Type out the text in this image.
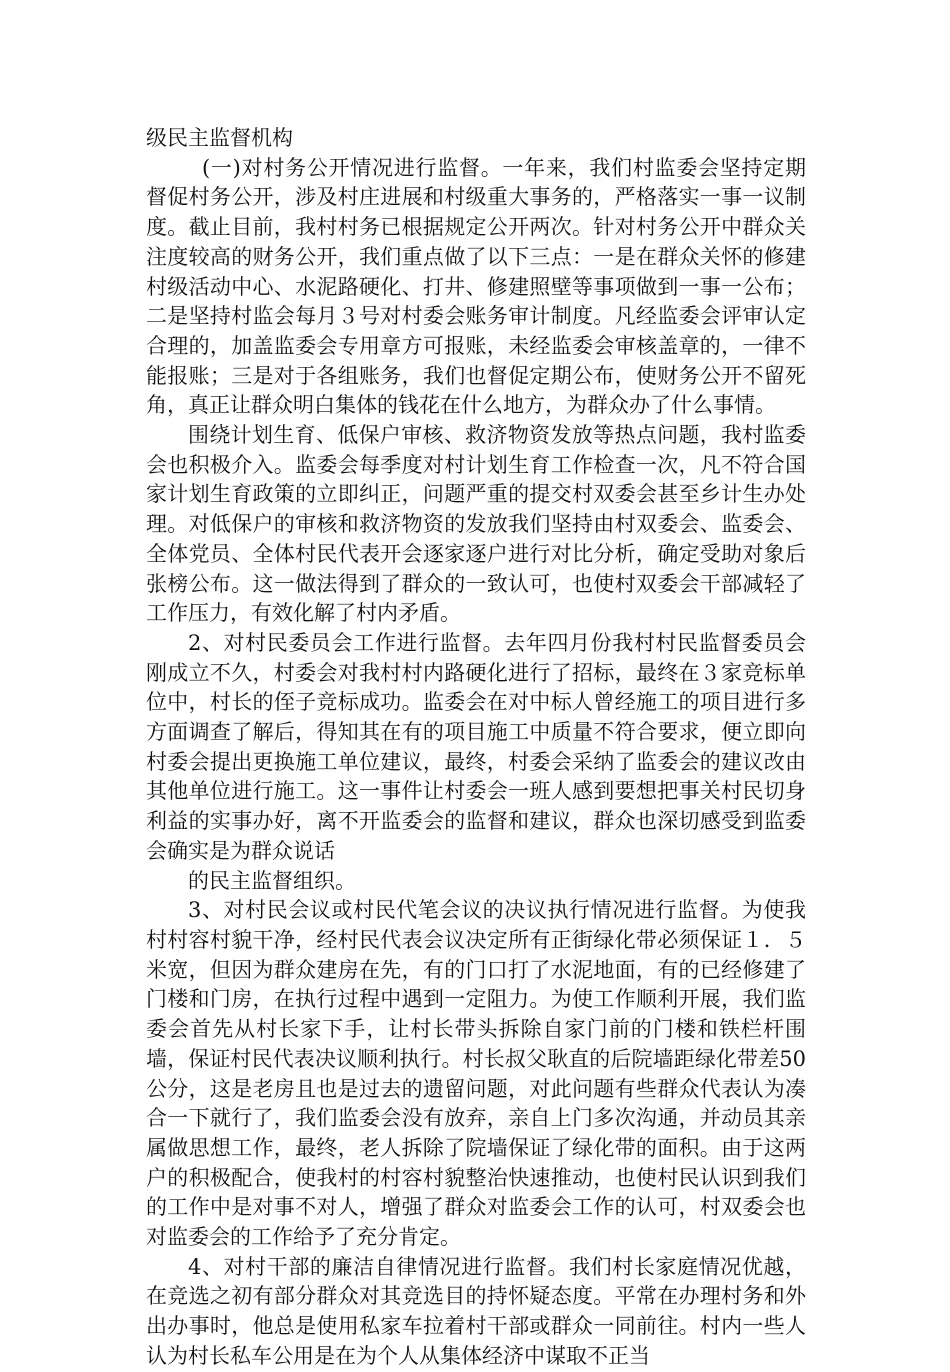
级民主监督机构

(一)对村务公开情况进行监督。一年来，我们村监委会坚持定期督促村务公开，涉及村庄进展和村级重大事务的，严格落实一事一议制度。截止目前，我村村务已根据规定公开两次。针对村务公开中群众关注度较高的财务公开，我们重点做了以下三点：一是在群众关怀的修建村级活动中心、水泥路硬化、打井、修建照壁等事项做到一事一公布；二是坚持村监会每月３号对村委会账务审计制度。凡经监委会评审认定合理的，加盖监委会专用章方可报账，未经监委会审核盖章的，一律不能报账；三是对于各组账务，我们也督促定期公布，使财务公开不留死角，真正让群众明白集体的钱花在什么地方，为群众办了什么事情。

围绕计划生育、低保户审核、救济物资发放等热点问题，我村监委会也积极介入。监委会每季度对村计划生育工作检查一次，凡不符合国家计划生育政策的立即纠正，问题严重的提交村双委会甚至乡计生办处理。对低保户的审核和救济物资的发放我们坚持由村双委会、监委会、全体党员、全体村民代表开会逐家逐户进行对比分析，确定受助对象后张榜公布。这一做法得到了群众的一致认可，也使村双委会干部减轻了工作压力，有效化解了村内矛盾。

2、对村民委员会工作进行监督。去年四月份我村村民监督委员会刚成立不久，村委会对我村村内路硬化进行了招标，最终在３家竞标单位中，村长的侄子竞标成功。监委会在对中标人曾经施工的项目进行多方面调查了解后，得知其在有的项目施工中质量不符合要求，便立即向村委会提出更换施工单位建议，最终，村委会采纳了监委会的建议改由其他单位进行施工。这一事件让村委会一班人感到要想把事关村民切身利益的实事办好，离不开监委会的监督和建议，群众也深切感受到监委会确实是为群众说话

的民主监督组织。

3、对村民会议或村民代笔会议的决议执行情况进行监督。为使我村村容村貌干净，经村民代表会议决定所有正街绿化带必须保证１．５米宽，但因为群众建房在先，有的门口打了水泥地面，有的已经修建了门楼和门房，在执行过程中遇到一定阻力。为使工作顺利开展，我们监委会首先从村长家下手，让村长带头拆除自家门前的门楼和铁栏杆围墙，保证村民代表决议顺利执行。村长叔父耿直的后院墙距绿化带差50公分，这是老房且也是过去的遗留问题，对此问题有些群众代表认为凑合一下就行了，我们监委会没有放弃，亲自上门多次沟通，并动员其亲属做思想工作，最终，老人拆除了院墙保证了绿化带的面积。由于这两户的积极配合，使我村的村容村貌整治快速推动，也使村民认识到我们的工作中是对事不对人，增强了群众对监委会工作的认可，村双委会也对监委会的工作给予了充分肯定。

4、对村干部的廉洁自律情况进行监督。我们村长家庭情况优越，在竞选之初有部分群众对其竞选目的持怀疑态度。平常在办理村务和外出办事时，他总是使用私家车拉着村干部或群众一同前往。村内一些人认为村长私车公用是在为个人从集体经济中谋取不正当
